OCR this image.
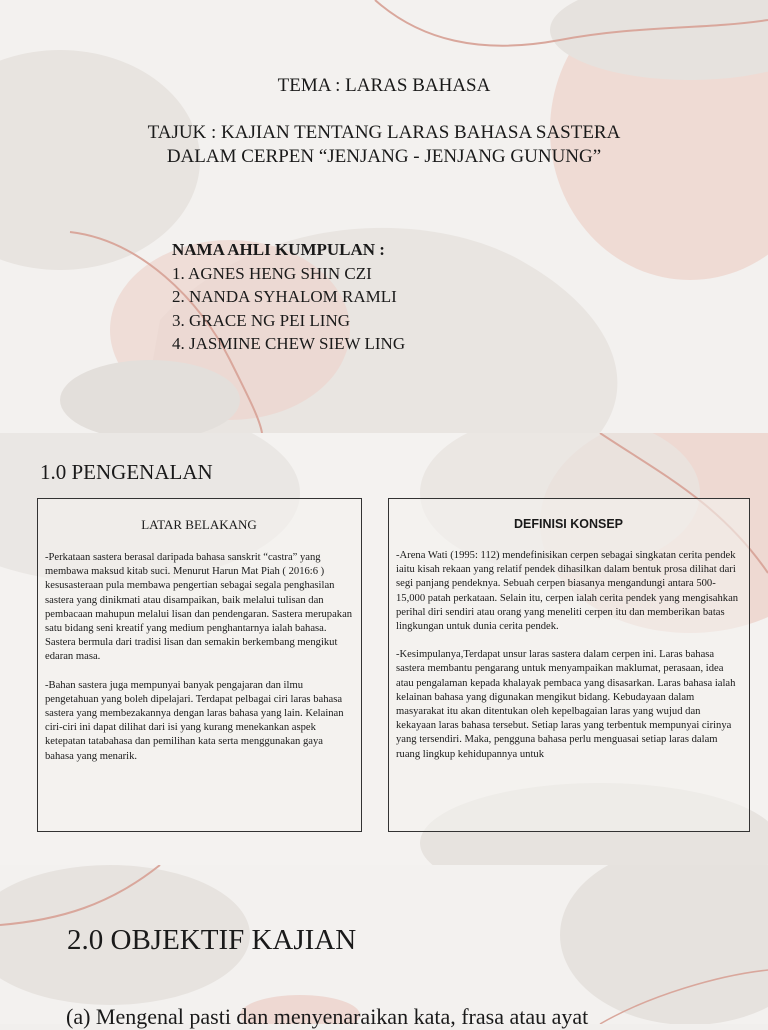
TEMA : LARAS BAHASA
TAJUK : KAJIAN TENTANG LARAS BAHASA SASTERA
DALAM CERPEN “JENJANG - JENJANG GUNUNG”
NAMA AHLI KUMPULAN :
1. AGNES HENG SHIN CZI
2. NANDA SYHALOM RAMLI
3. GRACE NG PEI LING
4. JASMINE CHEW SIEW LING
1.0 PENGENALAN
LATAR BELAKANG

-Perkataan sastera berasal daripada bahasa sanskrit “castra” yang membawa maksud kitab suci. Menurut Harun Mat Piah ( 2016:6 ) kesusasteraan pula membawa pengertian sebagai segala penghasilan sastera yang dinikmati atau disampaikan, baik melalui tulisan dan pembacaan mahupun melalui lisan dan pendengaran. Sastera merupakan satu bidang seni kreatif yang medium penghantarnya ialah bahasa. Sastera bermula dari tradisi lisan dan semakin berkembang mengikut edaran masa.

-Bahan sastera juga mempunyai banyak pengajaran dan ilmu pengetahuan yang boleh dipelajari. Terdapat pelbagai ciri laras bahasa sastera yang membezakannya dengan laras bahasa yang lain. Kelainan ciri-ciri ini dapat dilihat dari isi yang kurang menekankan aspek ketepatan tatabahasa dan pemilihan kata serta menggunakan gaya bahasa yang menarik.

DEFINISI KONSEP

-Arena Wati (1995: 112) mendefinisikan cerpen sebagai singkatan cerita pendek iaitu kisah rekaan yang relatif pendek dihasilkan dalam bentuk prosa dilihat dari segi panjang pendeknya. Sebuah cerpen biasanya mengandungi antara 500-15,000 patah perkataan. Selain itu, cerpen ialah cerita pendek yang mengisahkan perihal diri sendiri atau orang yang meneliti cerpen itu dan memberikan batas lingkungan untuk dunia cerita pendek.

-Kesimpulanya,Terdapat unsur laras sastera dalam cerpen ini. Laras bahasa sastera membantu pengarang untuk menyampaikan maklumat, perasaan, idea atau pengalaman kepada khalayak pembaca yang disasarkan. Laras bahasa ialah kelainan bahasa yang digunakan mengikut bidang. Kebudayaan dalam masyarakat itu akan ditentukan oleh kepelbagaian laras yang wujud dan kekayaan laras bahasa tersebut. Setiap laras yang terbentuk mempunyai cirinya yang tersendiri. Maka, pengguna bahasa perlu menguasai setiap laras dalam ruang lingkup kehidupannya untuk

2.0 OBJEKTIF KAJIAN
(a) Mengenal pasti dan menyenaraikan kata, frasa atau ayat
